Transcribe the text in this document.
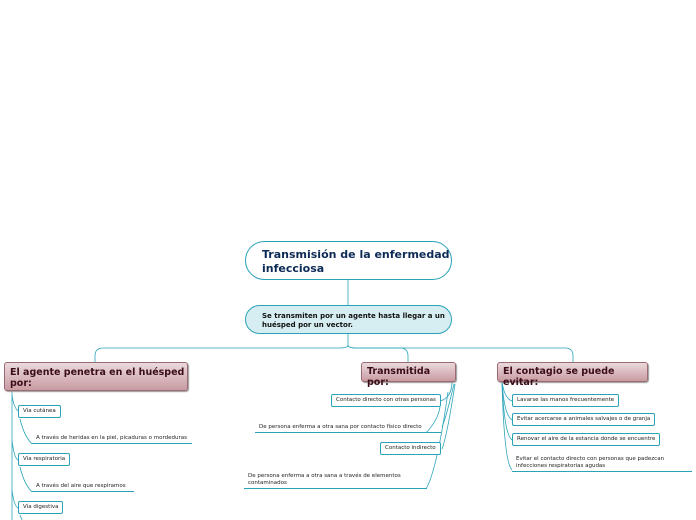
Transmisión de la enfermedad infecciosa
Se transmiten por un agente hasta llegar a un huésped por un vector.
El agente penetra en el huésped por:
Transmitida por:
El contagio se puede evitar:
Vía cutánea
A través de heridas en la piel, picaduras o mordeduras
Vía respiratoria
A través del aire que respiramos
Vía digestiva
Contacto directo con otras personas
De persona enferma a otra sana por contacto físico directo
Contacto indirecto
De persona enferma a otra sana a través de elementos contaminados
Lavarse las manos frecuentemente
Evitar acercarse a animales salvajes o de granja
Renovar el aire de la estancia donde se encuentre
Evitar el contacto directo con personas que padezcan infecciones respiratorias agudas
